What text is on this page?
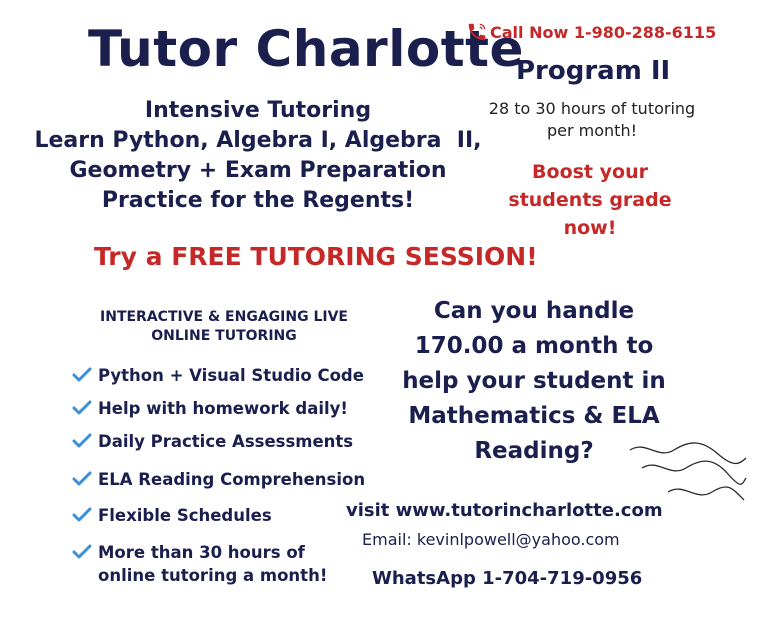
Tutor Charlotte
Call Now 1-980-288-6115
Program II
Intensive Tutoring
Learn Python, Algebra I, Algebra  II,
Geometry + Exam Preparation
Practice for the Regents!
28 to 30 hours of tutoring
per month!
Boost your
students grade
now!
Try a FREE TUTORING SESSION!
INTERACTIVE & ENGAGING LIVE
ONLINE TUTORING
Python + Visual Studio Code
Help with homework daily!
Daily Practice Assessments
ELA Reading Comprehension
Flexible Schedules
More than 30 hours of
online tutoring a month!
Can you handle
170.00 a month to
help your student in
Mathematics & ELA
Reading?
visit www.tutorincharlotte.com
Email: kevinlpowell@yahoo.com
WhatsApp 1-704-719-0956
